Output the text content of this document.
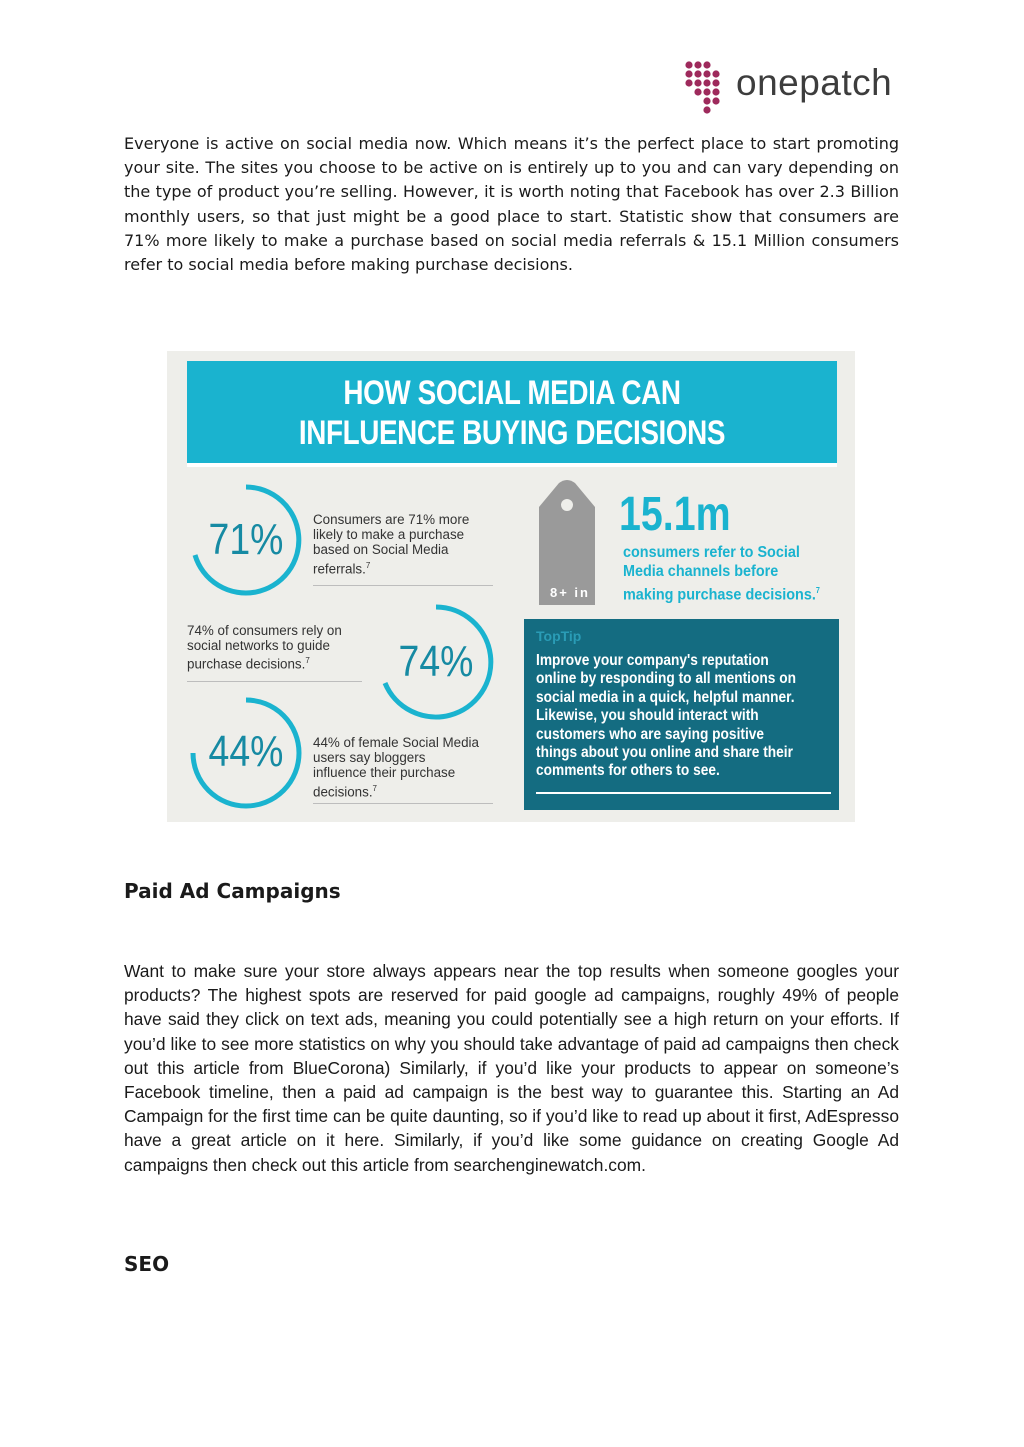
onepatch

Everyone is active on social media now. Which means it’s the perfect place to start promoting your site. The sites you choose to be active on is entirely up to you and can vary depending on the type of product you’re selling. However, it is worth noting that Facebook has over 2.3 Billion monthly users, so that just might be a good place to start. Statistic show that consumers are 71% more likely to make a purchase based on social media referrals & 15.1 Million consumers refer to social media before making purchase decisions.

HOW SOCIAL MEDIA CAN
INFLUENCE BUYING DECISIONS
71%	Consumers are 71% more likely to make a purchase based on Social Media referrals.$^7$

74%

74% of consumers rely on social networks to guide purchase decisions.$^7$

44%	44% of female Social Media users say bloggers influence their purchase decisions.$^7$

8+ in
15.1m

consumers refer to Social Media channels before making purchase decisions.$^7$

TopTip

Improve your company's reputation online by responding to all mentions on social media in a quick, helpful manner. Likewise, you should interact with customers who are saying positive things about you online and share their comments for others to see.

Paid Ad Campaigns

Want to make sure your store always appears near the top results when someone googles your products? The highest spots are reserved for paid google ad campaigns, roughly 49% of people have said they click on text ads, meaning you could potentially see a high return on your efforts. If you’d like to see more statistics on why you should take advantage of paid ad campaigns then check out this article from BlueCorona) Similarly, if you’d like your products to appear on someone’s Facebook timeline, then a paid ad campaign is the best way to guarantee this. Starting an Ad Campaign for the first time can be quite daunting, so if you’d like to read up about it first, AdEspresso have a great article on it here. Similarly, if you’d like some guidance on creating Google Ad campaigns then check out this article from searchenginewatch.com.

SEO
